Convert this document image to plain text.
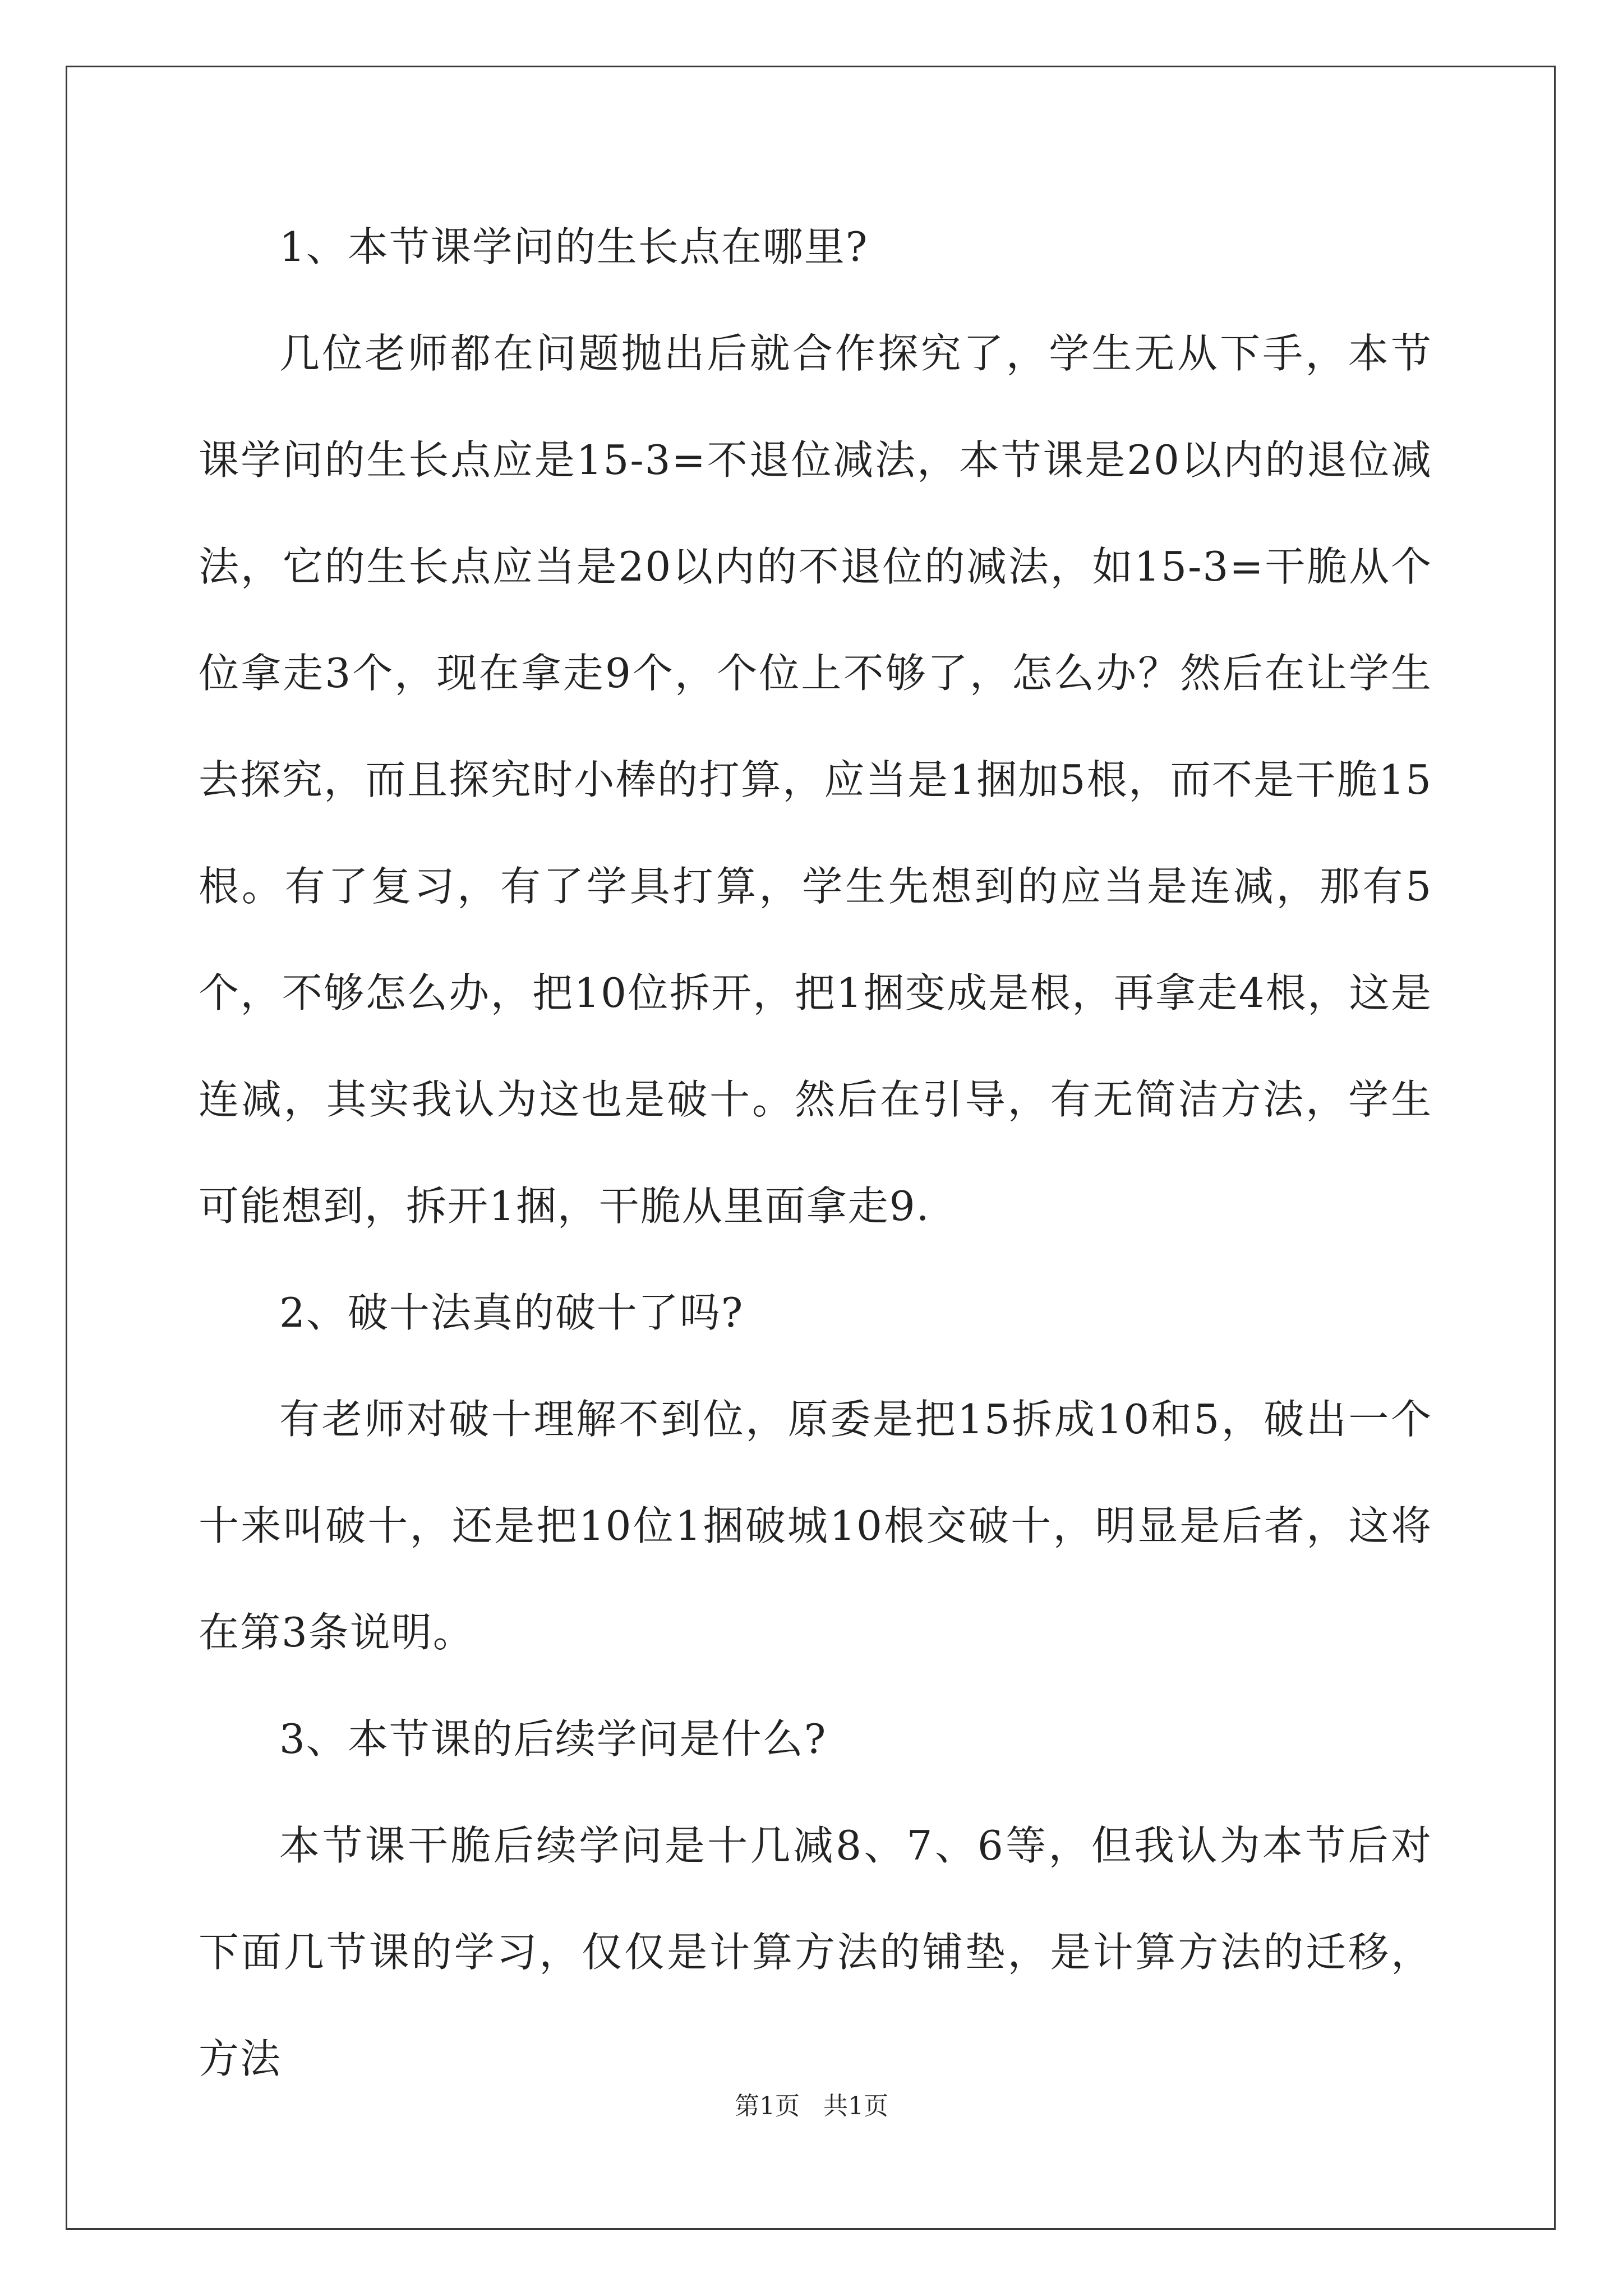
1、本节课学问的生长点在哪里?

几位老师都在问题抛出后就合作探究了，学生无从下手，本节课学问的生长点应是15-3=不退位减法，本节课是20以内的退位减法，它的生长点应当是20以内的不退位的减法，如15-3=干脆从个位拿走3个，现在拿走9个，个位上不够了，怎么办？然后在让学生去探究，而且探究时小棒的打算，应当是1捆加5根，而不是干脆15根。有了复习，有了学具打算，学生先想到的应当是连减，那有5个，不够怎么办，把10位拆开，把1捆变成是根，再拿走4根，这是连减，其实我认为这也是破十。然后在引导，有无简洁方法，学生可能想到，拆开1捆，干脆从里面拿走9.

2、破十法真的破十了吗?

有老师对破十理解不到位，原委是把15拆成10和5，破出一个十来叫破十，还是把10位1捆破城10根交破十，明显是后者，这将在第3条说明。

3、本节课的后续学问是什么?

本节课干脆后续学问是十几减8、7、6等，但我认为本节后对下面几节课的学习，仅仅是计算方法的铺垫，是计算方法的迁移，方法

第1页 共1页
